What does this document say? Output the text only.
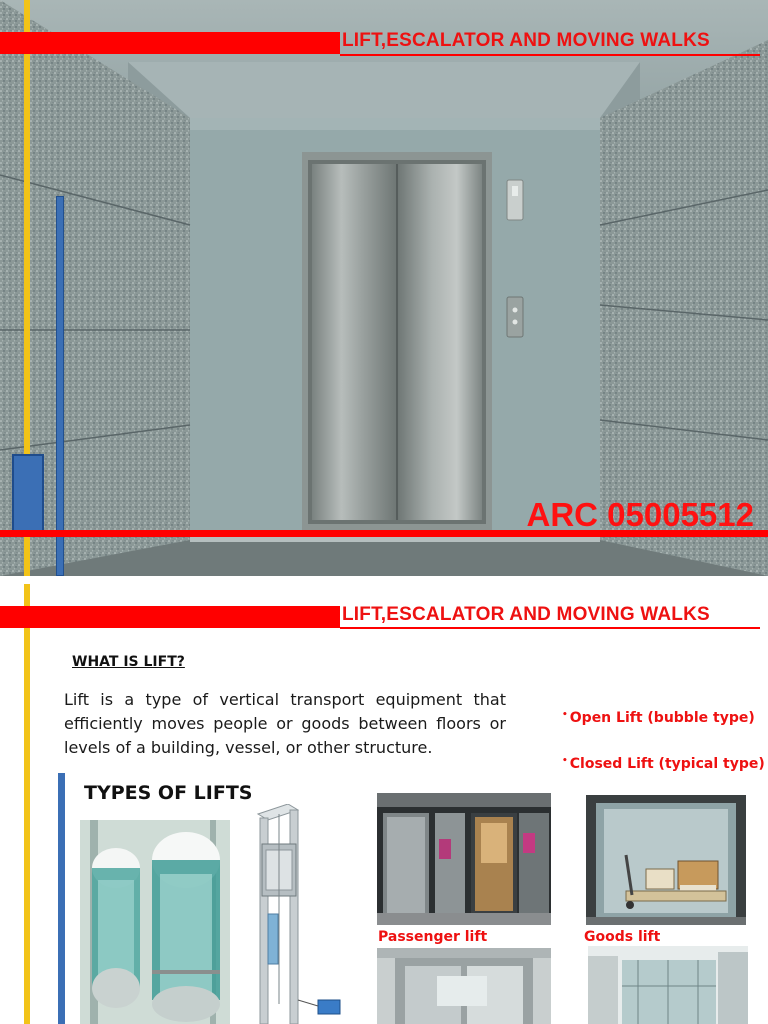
LIFT,ESCALATOR AND MOVING WALKS
ARC 05005512
LIFT,ESCALATOR AND MOVING WALKS
WHAT IS LIFT?
Lift is a type of vertical transport equipment that efficiently moves people or goods between floors or levels of a building, vessel, or other structure.
• Open Lift (bubble type)
• Closed Lift (typical type)
TYPES OF LIFTS
Passenger lift	Goods lift
